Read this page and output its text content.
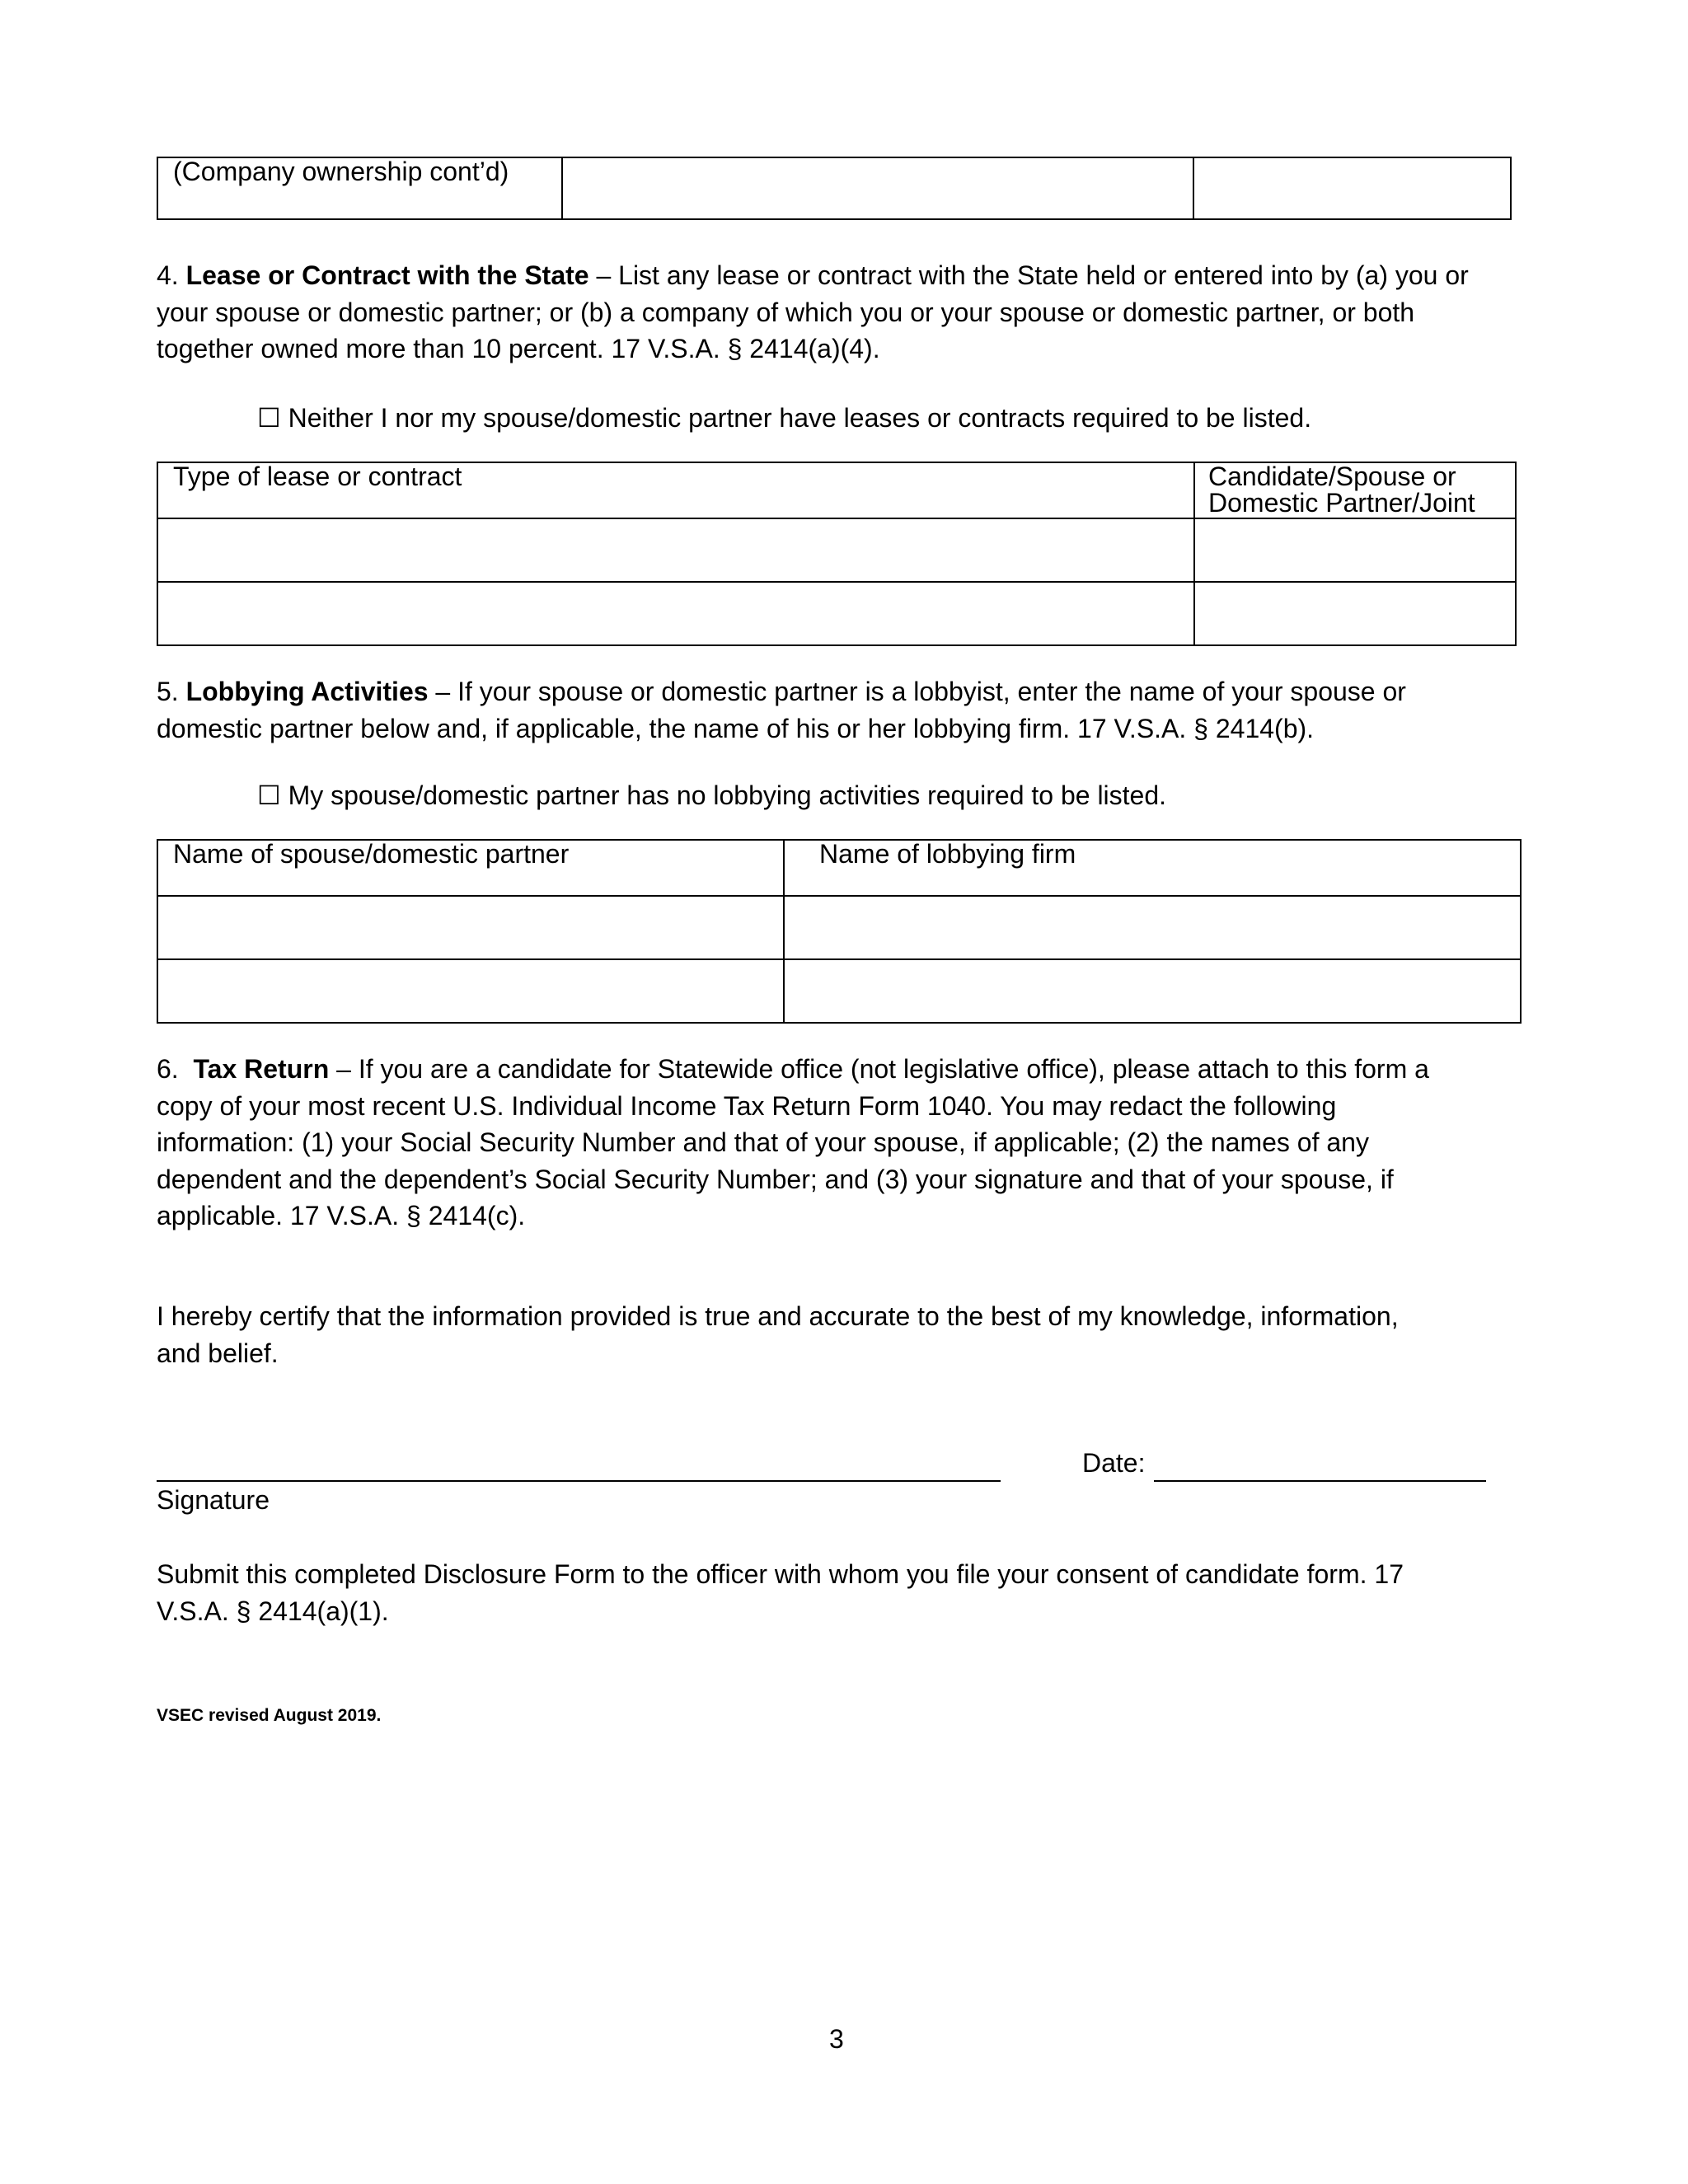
(Company ownership cont’d)		
4. Lease or Contract with the State – List any lease or contract with the State held or entered into by (a) you or
your spouse or domestic partner; or (b) a company of which you or your spouse or domestic partner, or both
together owned more than 10 percent. 17 V.S.A. § 2414(a)(4).
☐ Neither I nor my spouse/domestic partner have leases or contracts required to be listed.
Type of lease or contract	Candidate/Spouse or
Domestic Partner/Joint

5. Lobbying Activities – If your spouse or domestic partner is a lobbyist, enter the name of your spouse or
domestic partner below and, if applicable, the name of his or her lobbying firm. 17 V.S.A. § 2414(b).
☐ My spouse/domestic partner has no lobbying activities required to be listed.
Name of spouse/domestic partner	Name of lobbying firm

6. Tax Return – If you are a candidate for Statewide office (not legislative office), please attach to this form a
copy of your most recent U.S. Individual Income Tax Return Form 1040. You may redact the following
information: (1) your Social Security Number and that of your spouse, if applicable; (2) the names of any
dependent and the dependent’s Social Security Number; and (3) your signature and that of your spouse, if
applicable. 17 V.S.A. § 2414(c).
I hereby certify that the information provided is true and accurate to the best of my knowledge, information,
and belief.
Date:
Signature
Submit this completed Disclosure Form to the officer with whom you file your consent of candidate form. 17
V.S.A. § 2414(a)(1).
VSEC revised August 2019.
3
